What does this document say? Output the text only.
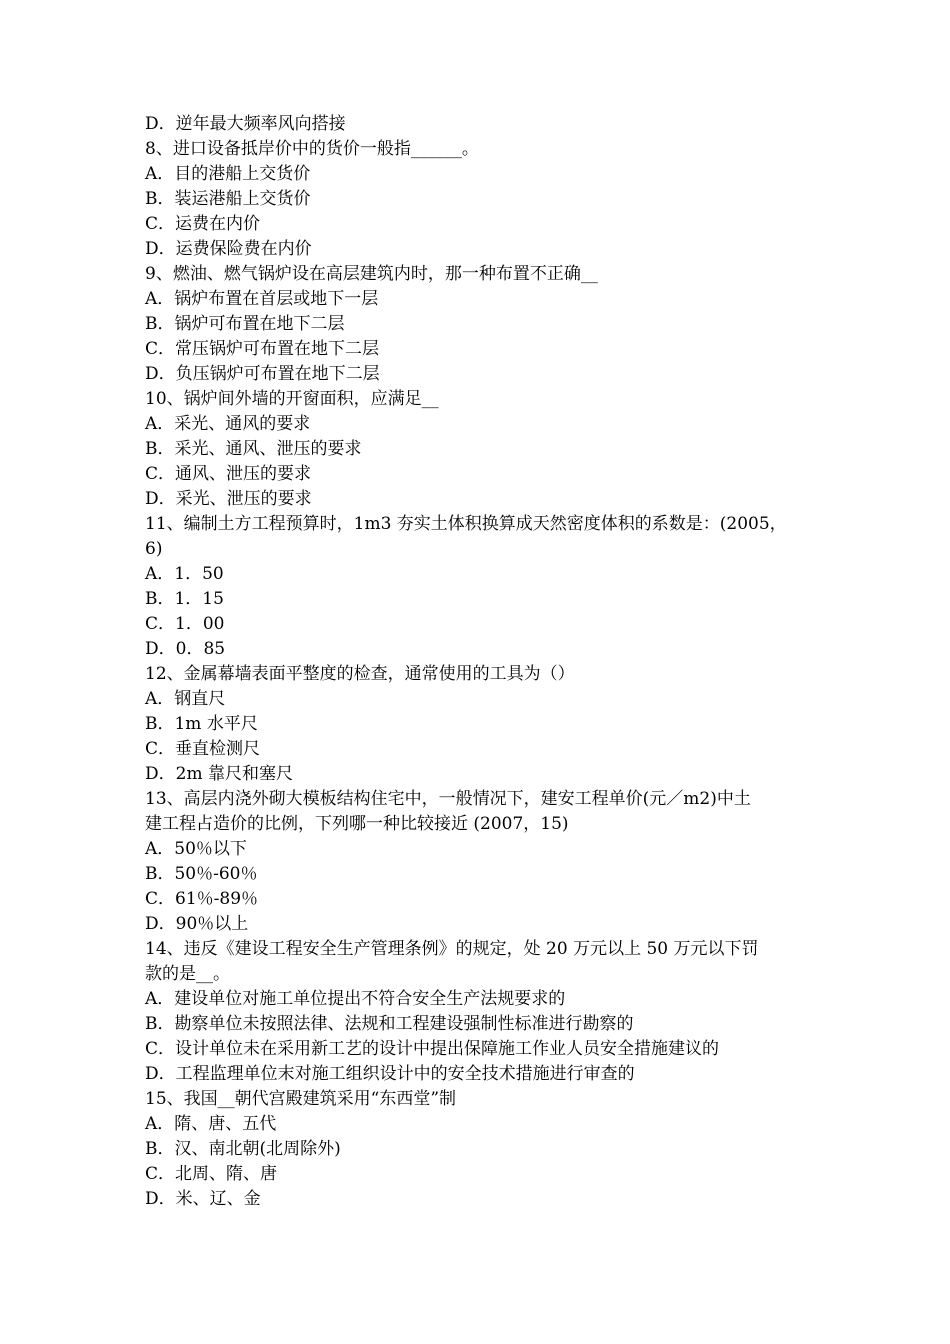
D．逆年最大频率风向搭接
8、进口设备抵岸价中的货价一般指______。
A．目的港船上交货价
B．装运港船上交货价
C．运费在内价
D．运费保险费在内价
9、燃油、燃气锅炉设在高层建筑内时，那一种布置不正确__
A．锅炉布置在首层或地下一层
B．锅炉可布置在地下二层
C．常压锅炉可布置在地下二层
D．负压锅炉可布置在地下二层
10、锅炉间外墙的开窗面积，应满足__
A．采光、通风的要求
B．采光、通风、泄压的要求
C．通风、泄压的要求
D．采光、泄压的要求
11、编制土方工程预算时，1m3 夯实土体积换算成天然密度体积的系数是：(2005，
6)
A．1．50
B．1．15
C．1．00
D．0．85
12、金属幕墙表面平整度的检查，通常使用的工具为（）
A．钢直尺
B．1m 水平尺
C．垂直检测尺
D．2m 靠尺和塞尺
13、高层内浇外砌大模板结构住宅中，一般情况下，建安工程单价(元／m2)中土
建工程占造价的比例，下列哪一种比较接近 (2007，15)
A．50％以下
B．50％-60％
C．61％-89％
D．90％以上
14、违反《建设工程安全生产管理条例》的规定，处 20 万元以上 50 万元以下罚
款的是__。
A．建设单位对施工单位提出不符合安全生产法规要求的
B．勘察单位未按照法律、法规和工程建设强制性标准进行勘察的
C．设计单位未在采用新工艺的设计中提出保障施工作业人员安全措施建议的
D．工程监理单位末对施工组织设计中的安全技术措施进行审查的
15、我国__朝代宫殿建筑采用“东西堂”制
A．隋、唐、五代
B．汉、南北朝(北周除外)
C．北周、隋、唐
D．米、辽、金
